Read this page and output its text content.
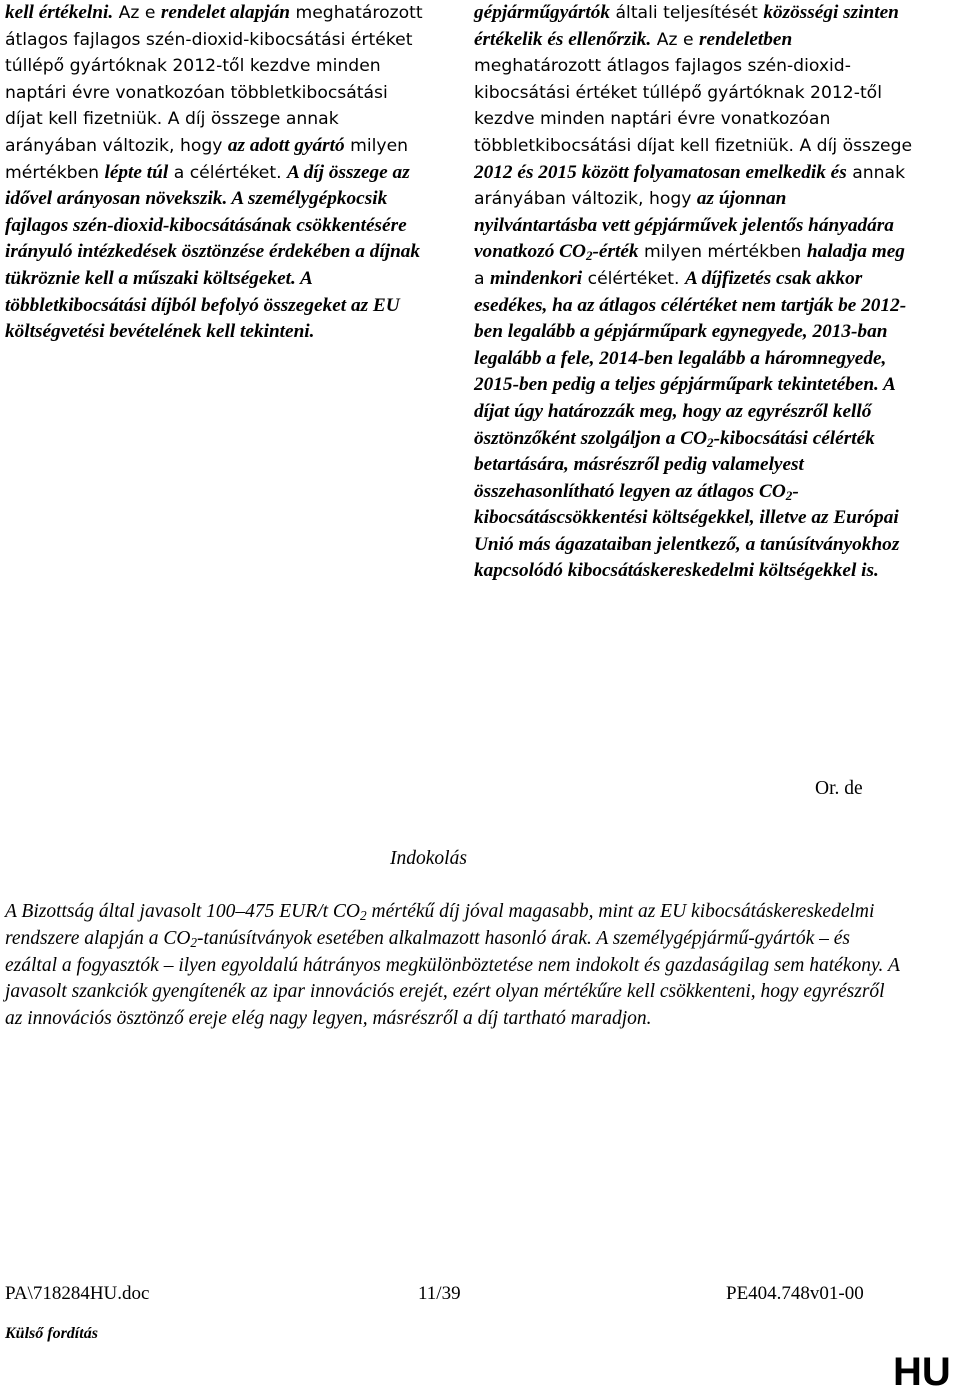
kell értékelni. Az e rendelet alapján meghatározott átlagos fajlagos szén-dioxid-kibocsátási értéket túllépő gyártóknak 2012-től kezdve minden naptári évre vonatkozóan többletkibocsátási díjat kell fizetniük. A díj összege annak arányában változik, hogy az adott gyártó milyen mértékben lépte túl a célértéket. A díj összege az idővel arányosan növekszik. A személygépkocsik fajlagos szén-dioxid-kibocsátásának csökkentésére irányuló intézkedések ösztönzése érdekében a díjnak tükröznie kell a műszaki költségeket. A többletkibocsátási díjból befolyó összegeket az EU költségvetési bevételének kell tekinteni.

gépjárműgyártók általi teljesítését közösségi szinten értékelik és ellenőrzik. Az e rendeletben meghatározott átlagos fajlagos szén-dioxid-kibocsátási értéket túllépő gyártóknak 2012-től kezdve minden naptári évre vonatkozóan többletkibocsátási díjat kell fizetniük. A díj összege 2012 és 2015 között folyamatosan emelkedik és annak arányában változik, hogy az újonnan nyilvántartásba vett gépjárművek jelentős hányadára vonatkozó $CO_2$-érték milyen mértékben haladja meg a mindenkori célértéket. A díjfizetés csak akkor esedékes, ha az átlagos célértéket nem tartják be 2012-ben legalább a gépjárműpark egynegyede, 2013-ban legalább a fele, 2014-ben legalább a háromnegyede, 2015-ben pedig a teljes gépjárműpark tekintetében. A díjat úgy határozzák meg, hogy az egyrészről kellő ösztönzőként szolgáljon a $CO_2$-kibocsátási célérték betartására, másrészről pedig valamelyest összehasonlítható legyen az átlagos $CO_2$-kibocsátáscsökkentési költségekkel, illetve az Európai Unió más ágazataiban jelentkező, a tanúsítványokhoz kapcsolódó kibocsátáskereskedelmi költségekkel is.

Or. de
Indokolás

A Bizottság által javasolt 100–475 EUR/t $CO_2$ mértékű díj jóval magasabb, mint az EU kibocsátáskereskedelmi rendszere alapján a $CO_2$-tanúsítványok esetében alkalmazott hasonló árak. A személygépjármű-gyártók – és ezáltal a fogyasztók – ilyen egyoldalú hátrányos megkülönböztetése nem indokolt és gazdaságilag sem hatékony. A javasolt szankciók gyengítenék az ipar innovációs erejét, ezért olyan mértékűre kell csökkenteni, hogy egyrészről az innovációs ösztönző ereje elég nagy legyen, másrészről a díj tartható maradjon.

PA\718284HU.doc	11/39	PE404.748v01-00
Külső fordítás
HU
